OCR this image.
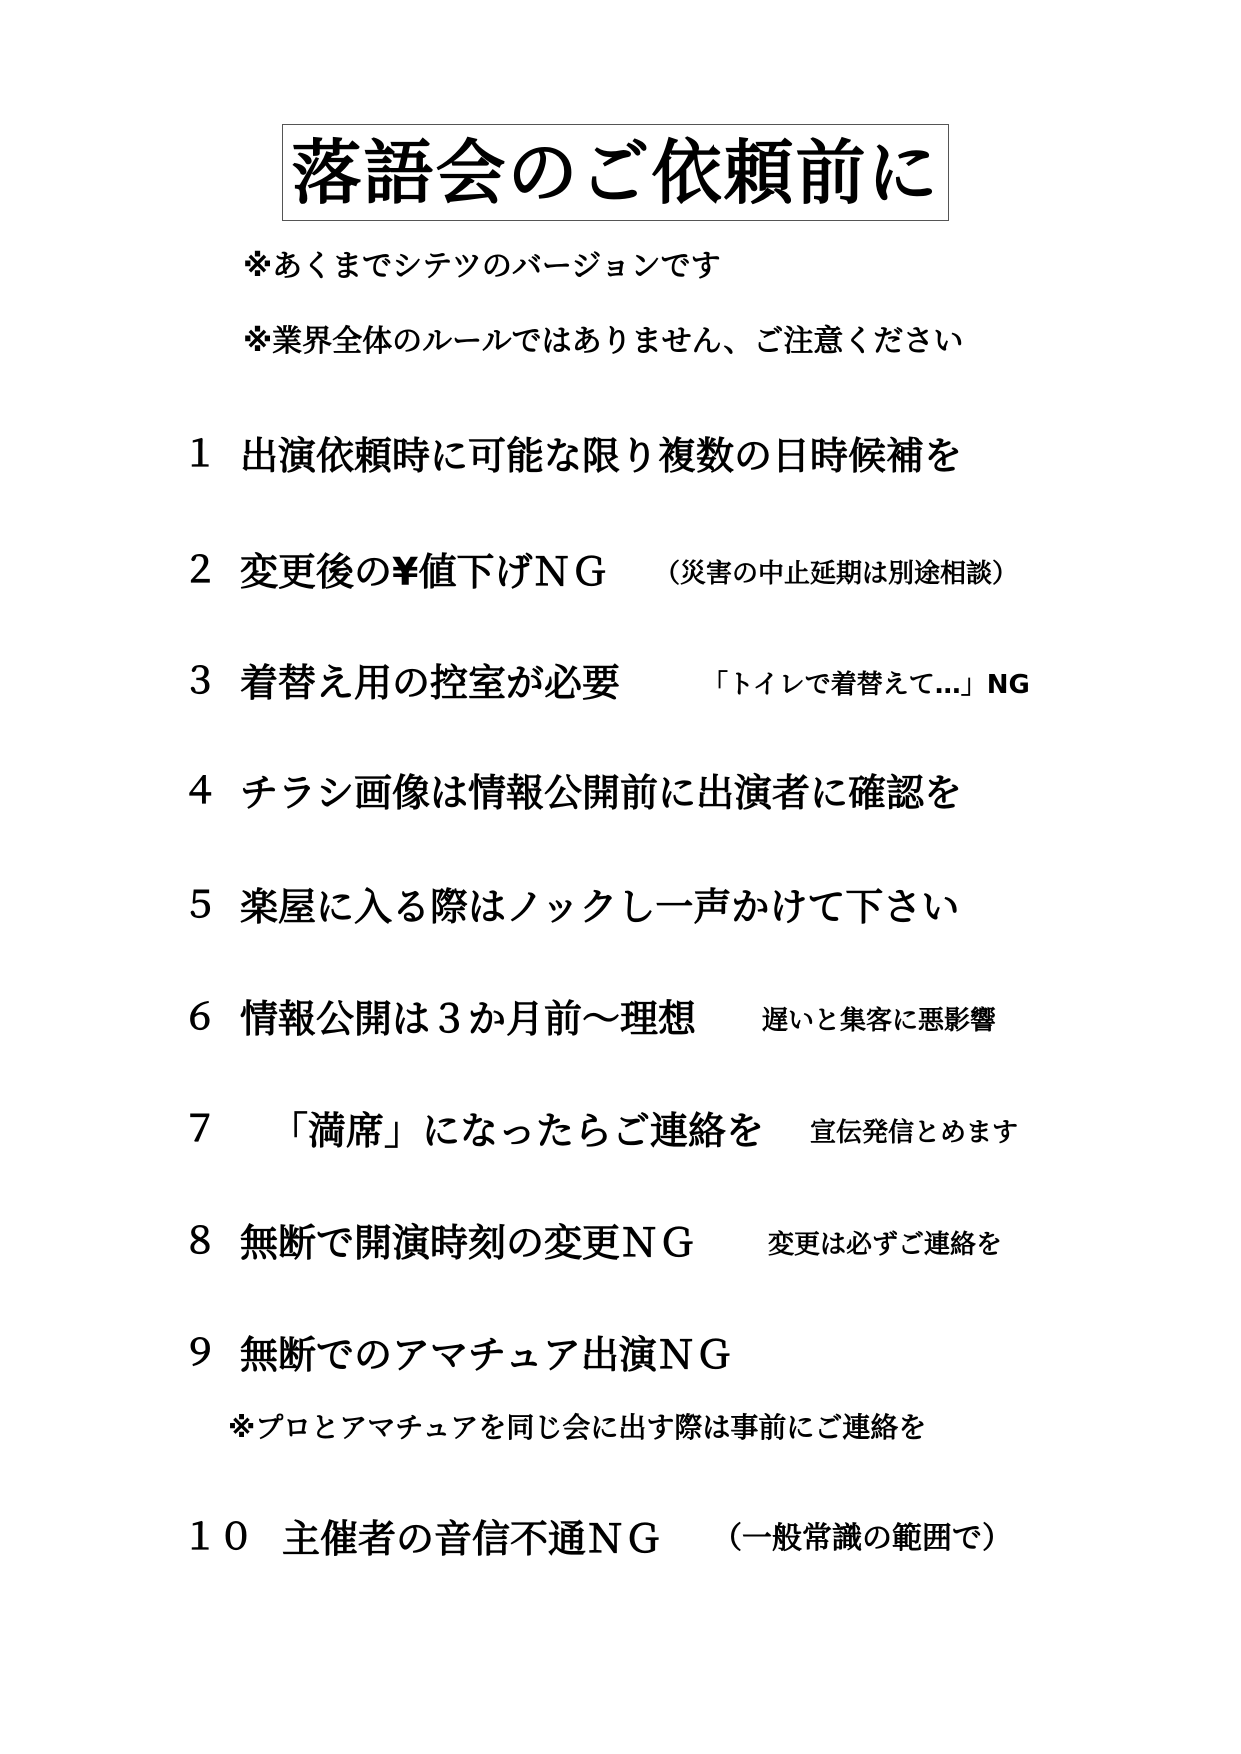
落語会のご依頼前に
※あくまでシテツのバージョンです
※業界全体のルールではありません、ご注意ください
１ 出演依頼時に可能な限り複数の日時候補を
２ 変更後の¥値下げＮＧ （災害の中止延期は別途相談）
３ 着替え用の控室が必要	「トイレで着替えて…」NG
４ チラシ画像は情報公開前に出演者に確認を
５ 楽屋に入る際はノックし一声かけて下さい
６ 情報公開は３か月前～理想	遅いと集客に悪影響
７ 「満席」になったらご連絡を 宣伝発信とめます
８ 無断で開演時刻の変更ＮＧ	変更は必ずご連絡を
９ 無断でのアマチュア出演ＮＧ
※プロとアマチュアを同じ会に出す際は事前にご連絡を
１０ 主催者の音信不通ＮＧ （一般常識の範囲で）
